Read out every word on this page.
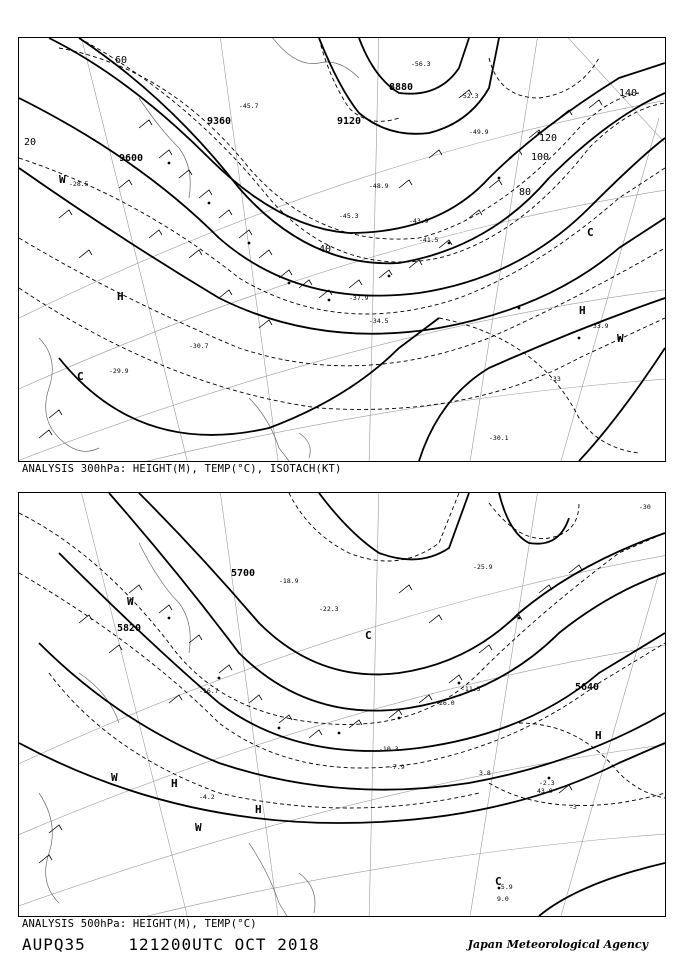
9360
9600
9120
8880
140
120
100
80
60
40
20
H
H
C
C
W
W
-56.3
-52.3
-49.9
-48.9
-45.3
-43.9
-41.5
-37.9
-34.5
-33.9
-30.7
-30.1
-29.9
-28.5
-33
-45.7
ANALYSIS 300hPa: HEIGHT(M), TEMP(°C), ISOTACH(KT)
5700
5820
5640
H
H
H
W
W
W
C
C
-30
-25.9
-22.3
-18.9
-16.7	-11.5
-10.3
-7.9
-5.9
-4.2
-2.3
-3
3.8
9.0
26.0
43.0
ANALYSIS 500hPa: HEIGHT(M), TEMP(°C)
AUPQ35	121200UTC OCT 2018	Japan Meteorological Agency
